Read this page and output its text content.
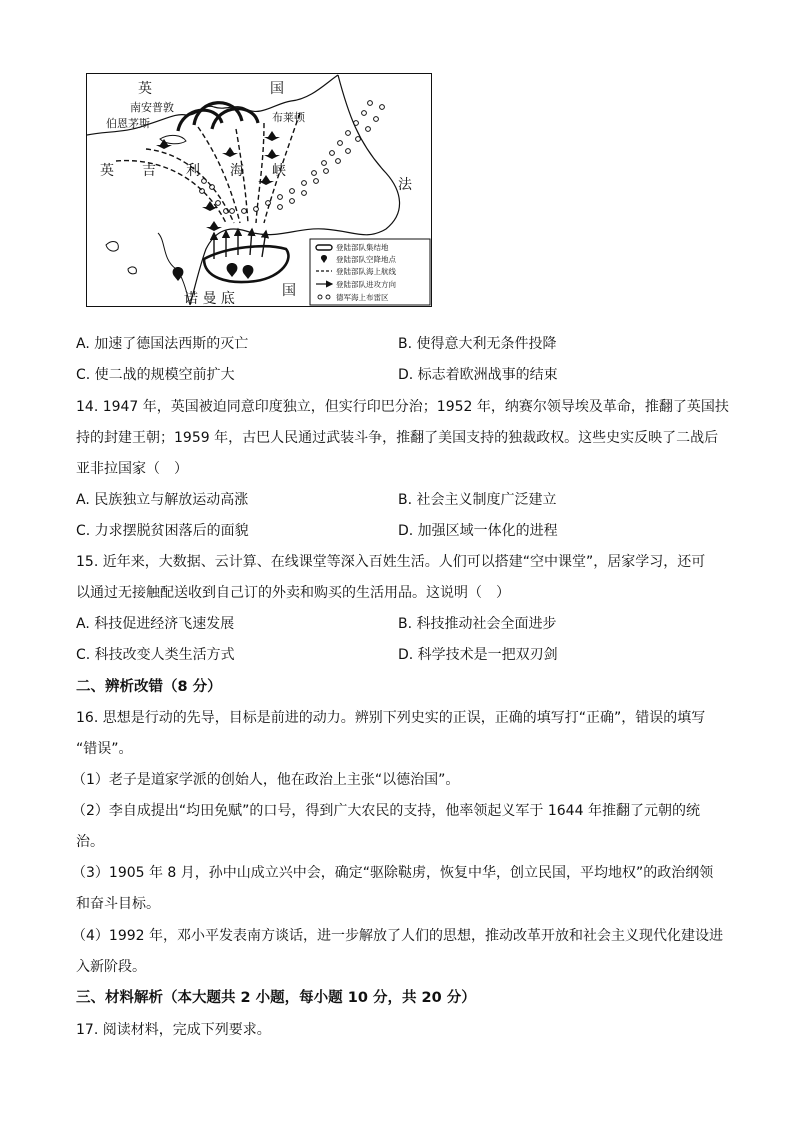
英	国
南安普敦
伯恩茅斯	布莱顿
英 吉 利 海 峡
法
国
诺 曼 底
登陆部队集结地
登陆部队空降地点
登陆部队海上航线
登陆部队进攻方向
德军海上布雷区
A. 加速了德国法西斯的灭亡	B. 使得意大利无条件投降
C. 使二战的规模空前扩大	D. 标志着欧洲战事的结束
14. 1947 年，英国被迫同意印度独立，但实行印巴分治；1952 年，纳赛尔领导埃及革命，推翻了英国扶
持的封建王朝；1959 年，古巴人民通过武装斗争，推翻了美国支持的独裁政权。这些史实反映了二战后
亚非拉国家（　）
A. 民族独立与解放运动高涨	B. 社会主义制度广泛建立
C. 力求摆脱贫困落后的面貌	D. 加强区域一体化的进程
15. 近年来，大数据、云计算、在线课堂等深入百姓生活。人们可以搭建“空中课堂”，居家学习，还可
以通过无接触配送收到自己订的外卖和购买的生活用品。这说明（　）
A. 科技促进经济飞速发展	B. 科技推动社会全面进步
C. 科技改变人类生活方式	D. 科学技术是一把双刃剑
二、辨析改错（8 分）
16. 思想是行动的先导，目标是前进的动力。辨别下列史实的正误，正确的填写打“正确”，错误的填写
“错误”。
（1）老子是道家学派的创始人，他在政治上主张“以德治国”。
（2）李自成提出“均田免赋”的口号，得到广大农民的支持，他率领起义军于 1644 年推翻了元朝的统
治。
（3）1905 年 8 月，孙中山成立兴中会，确定“驱除鞑虏，恢复中华，创立民国，平均地权”的政治纲领
和奋斗目标。
（4）1992 年，邓小平发表南方谈话，进一步解放了人们的思想，推动改革开放和社会主义现代化建设进
入新阶段。
三、材料解析（本大题共 2 小题，每小题 10 分，共 20 分）
17. 阅读材料，完成下列要求。
